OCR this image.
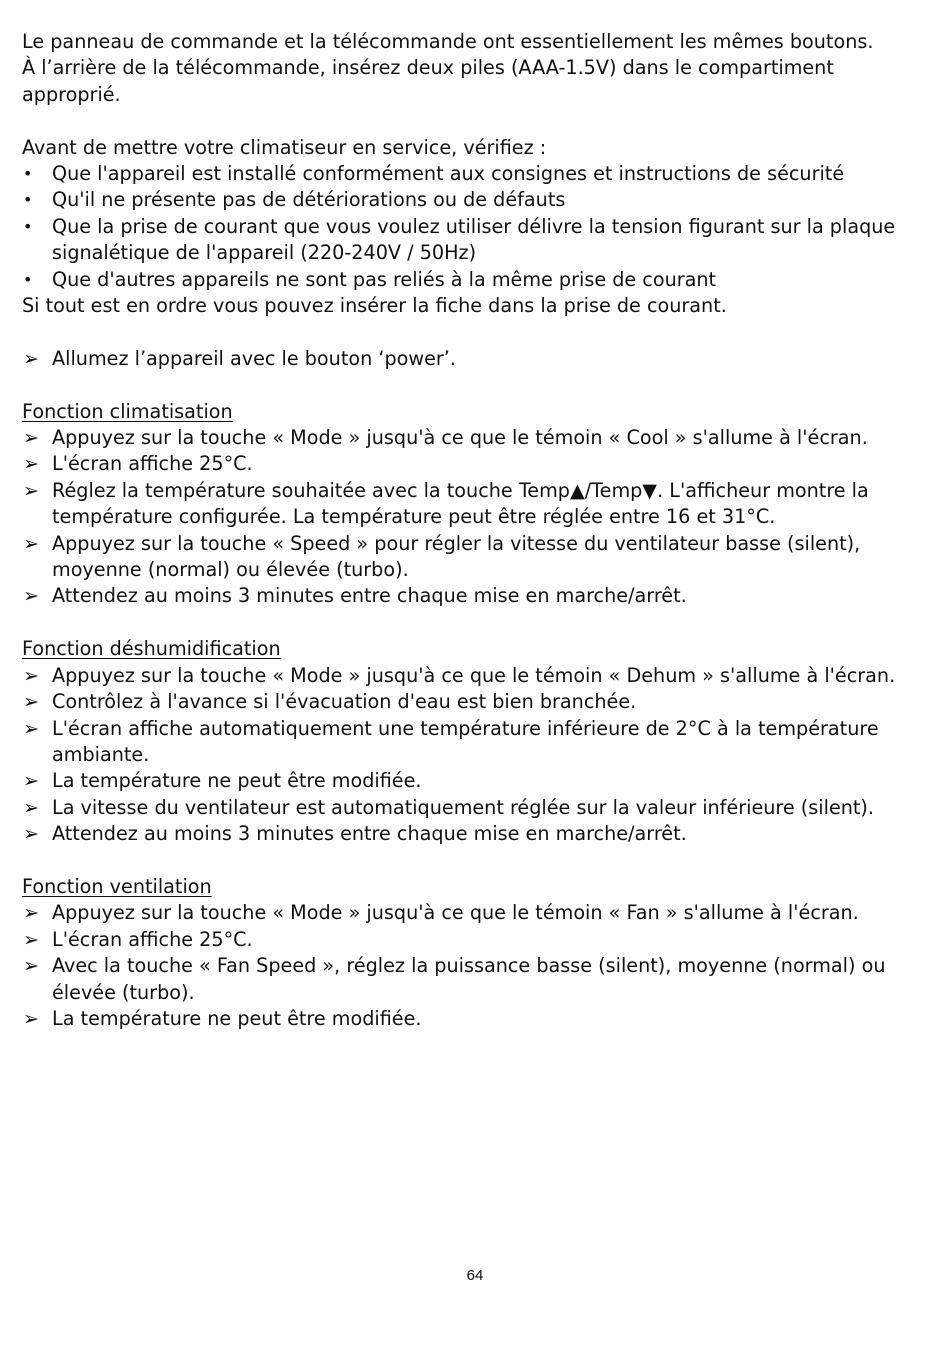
Le panneau de commande et la télécommande ont essentiellement les mêmes boutons.

À l’arrière de la télécommande, insérez deux piles (AAA-1.5V) dans le compartiment approprié.

Avant de mettre votre climatiseur en service, vérifiez :

•	Que l'appareil est installé conformément aux consignes et instructions de sécurité
•	Qu'il ne présente pas de détériorations ou de défauts
•	Que la prise de courant que vous voulez utiliser délivre la tension figurant sur la plaque signalétique de l'appareil (220-240V / 50Hz)
•	Que d'autres appareils ne sont pas reliés à la même prise de courant

Si tout est en ordre vous pouvez insérer la fiche dans la prise de courant.

➢ Allumez l’appareil avec le bouton ‘power’.

Fonction climatisation

➢ Appuyez sur la touche « Mode » jusqu'à ce que le témoin « Cool » s'allume à l'écran.
➢ L'écran affiche 25°C.
➢ Réglez la température souhaitée avec la touche Temp▲/Temp▼. L'afficheur montre la température configurée. La température peut être réglée entre 16 et 31°C.
➢ Appuyez sur la touche « Speed » pour régler la vitesse du ventilateur basse (silent), moyenne (normal) ou élevée (turbo).
➢ Attendez au moins 3 minutes entre chaque mise en marche/arrêt.

Fonction déshumidification

➢ Appuyez sur la touche « Mode » jusqu'à ce que le témoin « Dehum » s'allume à l'écran.
➢ Contrôlez à l'avance si l'évacuation d'eau est bien branchée.
➢ L'écran affiche automatiquement une température inférieure de 2°C à la température ambiante.
➢ La température ne peut être modifiée.
➢ La vitesse du ventilateur est automatiquement réglée sur la valeur inférieure (silent).
➢ Attendez au moins 3 minutes entre chaque mise en marche/arrêt.

Fonction ventilation

➢ Appuyez sur la touche « Mode » jusqu'à ce que le témoin « Fan » s'allume à l'écran.
➢ L'écran affiche 25°C.
➢ Avec la touche « Fan Speed », réglez la puissance basse (silent), moyenne (normal) ou élevée (turbo).
➢ La température ne peut être modifiée.
64
